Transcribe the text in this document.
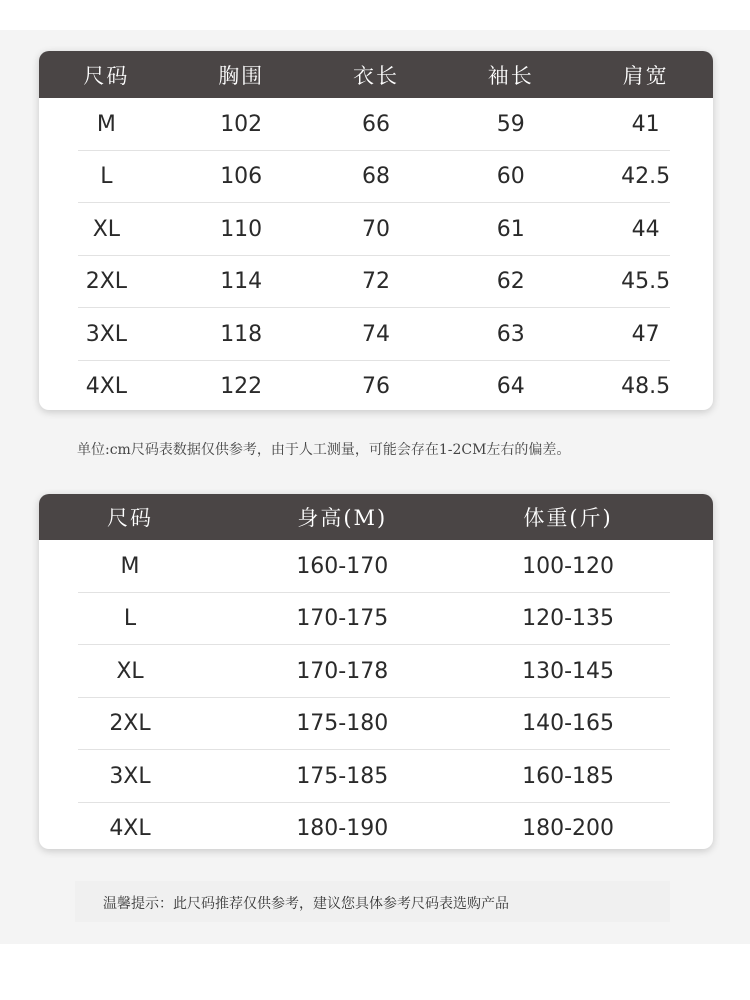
尺码	胸围	衣长	袖长	肩宽
M	102	66	59	41
L	106	68	60	42.5
XL	110	70	61	44
2XL	114	72	62	45.5
3XL	118	74	63	47
4XL	122	76	64	48.5
单位:cm尺码表数据仅供参考，由于人工测量，可能会存在1-2CM左右的偏差。
尺码	身高(M)	体重(斤)
M	160-170	100-120
L	170-175	120-135
XL	170-178	130-145
2XL	175-180	140-165
3XL	175-185	160-185
4XL	180-190	180-200
温馨提示：此尺码推荐仅供参考，建议您具体参考尺码表选购产品
